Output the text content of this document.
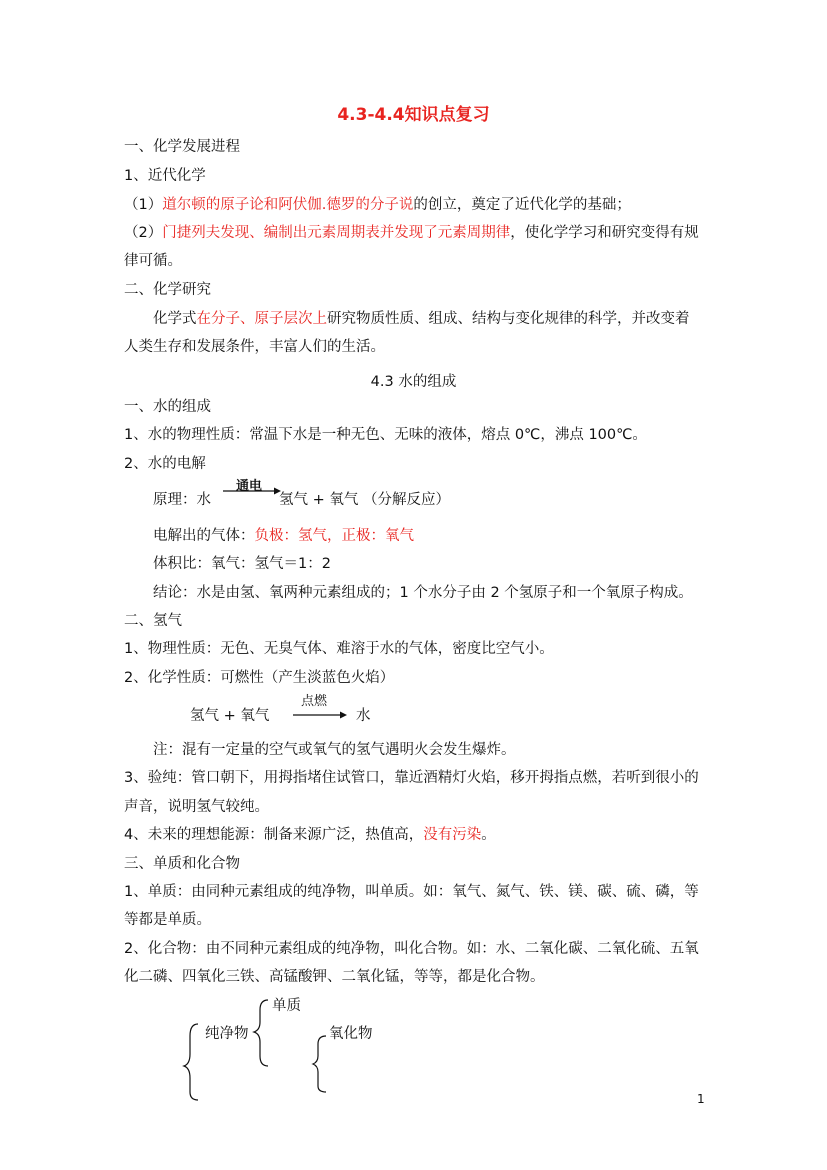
4.3-4.4知识点复习
一、化学发展进程
1、近代化学
（1）道尔顿的原子论和阿伏伽.德罗的分子说的创立，奠定了近代化学的基础；
（2）门捷列夫发现、编制出元素周期表并发现了元素周期律，使化学学习和研究变得有规
律可循。
二、化学研究
化学式在分子、原子层次上研究物质性质、组成、结构与变化规律的科学，并改变着
人类生存和发展条件，丰富人们的生活。
4.3 水的组成
一、水的组成
1、水的物理性质：常温下水是一种无色、无味的液体，熔点 0℃，沸点 100℃。
2、水的电解
原理：水
通电
氢气 + 氧气 （分解反应）
电解出的气体：负极：氢气，正极：氧气
体积比：氧气：氢气＝1：2
结论：水是由氢、氧两种元素组成的；1 个水分子由 2 个氢原子和一个氧原子构成。
二、氢气
1、物理性质：无色、无臭气体、难溶于水的气体，密度比空气小。
2、化学性质：可燃性（产生淡蓝色火焰）
氢气 + 氧气
点燃
水
注：混有一定量的空气或氧气的氢气遇明火会发生爆炸。
3、验纯：管口朝下，用拇指堵住试管口，靠近酒精灯火焰，移开拇指点燃，若听到很小的
声音，说明氢气较纯。
4、未来的理想能源：制备来源广泛，热值高，没有污染。
三、单质和化合物
1、单质：由同种元素组成的纯净物，叫单质。如：氧气、氮气、铁、镁、碳、硫、磷，等
等都是单质。
2、化合物：由不同种元素组成的纯净物，叫化合物。如：水、二氧化碳、二氧化硫、五氧
化二磷、四氧化三铁、高锰酸钾、二氧化锰，等等，都是化合物。
单质
纯净物	氧化物
1
